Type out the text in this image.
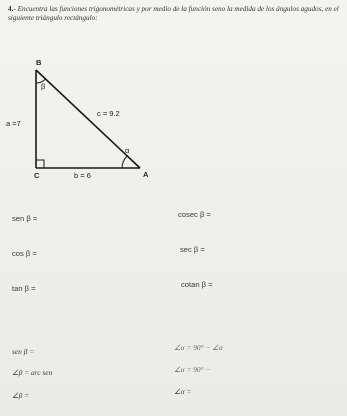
4.- Encuentra las funciones trigonométricas y por medio de la función seno la medida de los ángulos agudos, en el siguiente triángulo rectángulo:
B
β
c = 9.2
a =7
α
C	b = 6	A
sen β =	cosec β =
cos β =	sec β =
tan β =	cotan β =
sen β =	∠α = 90° − ∠α
∠β = arc sen	∠α = 90° −
∠β =	∠α =
